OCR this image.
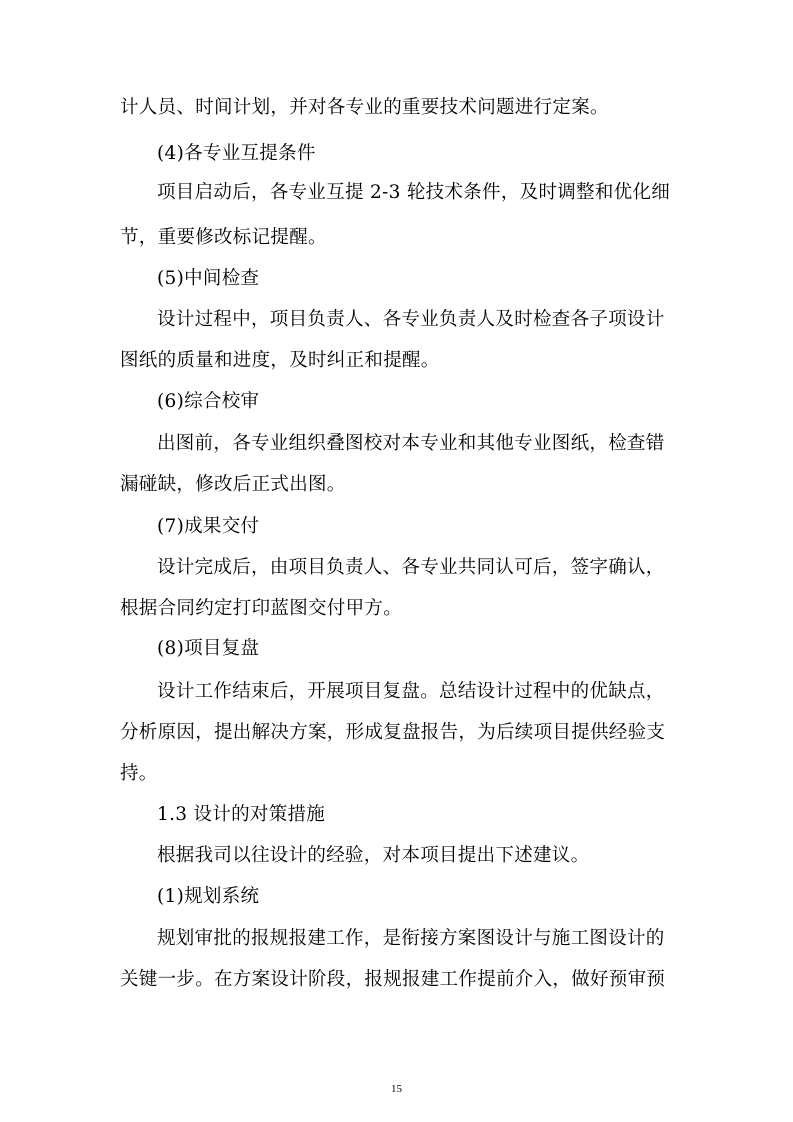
计人员、时间计划，并对各专业的重要技术问题进行定案。

(4)各专业互提条件

项目启动后，各专业互提 2-3 轮技术条件，及时调整和优化细

节，重要修改标记提醒。

(5)中间检查

设计过程中，项目负责人、各专业负责人及时检查各子项设计

图纸的质量和进度，及时纠正和提醒。

(6)综合校审

出图前，各专业组织叠图校对本专业和其他专业图纸，检查错

漏碰缺，修改后正式出图。

(7)成果交付

设计完成后，由项目负责人、各专业共同认可后，签字确认，

根据合同约定打印蓝图交付甲方。

(8)项目复盘

设计工作结束后，开展项目复盘。总结设计过程中的优缺点，

分析原因，提出解决方案，形成复盘报告，为后续项目提供经验支

持。

1.3 设计的对策措施

根据我司以往设计的经验，对本项目提出下述建议。

(1)规划系统

规划审批的报规报建工作，是衔接方案图设计与施工图设计的

关键一步。在方案设计阶段，报规报建工作提前介入，做好预审预

15
